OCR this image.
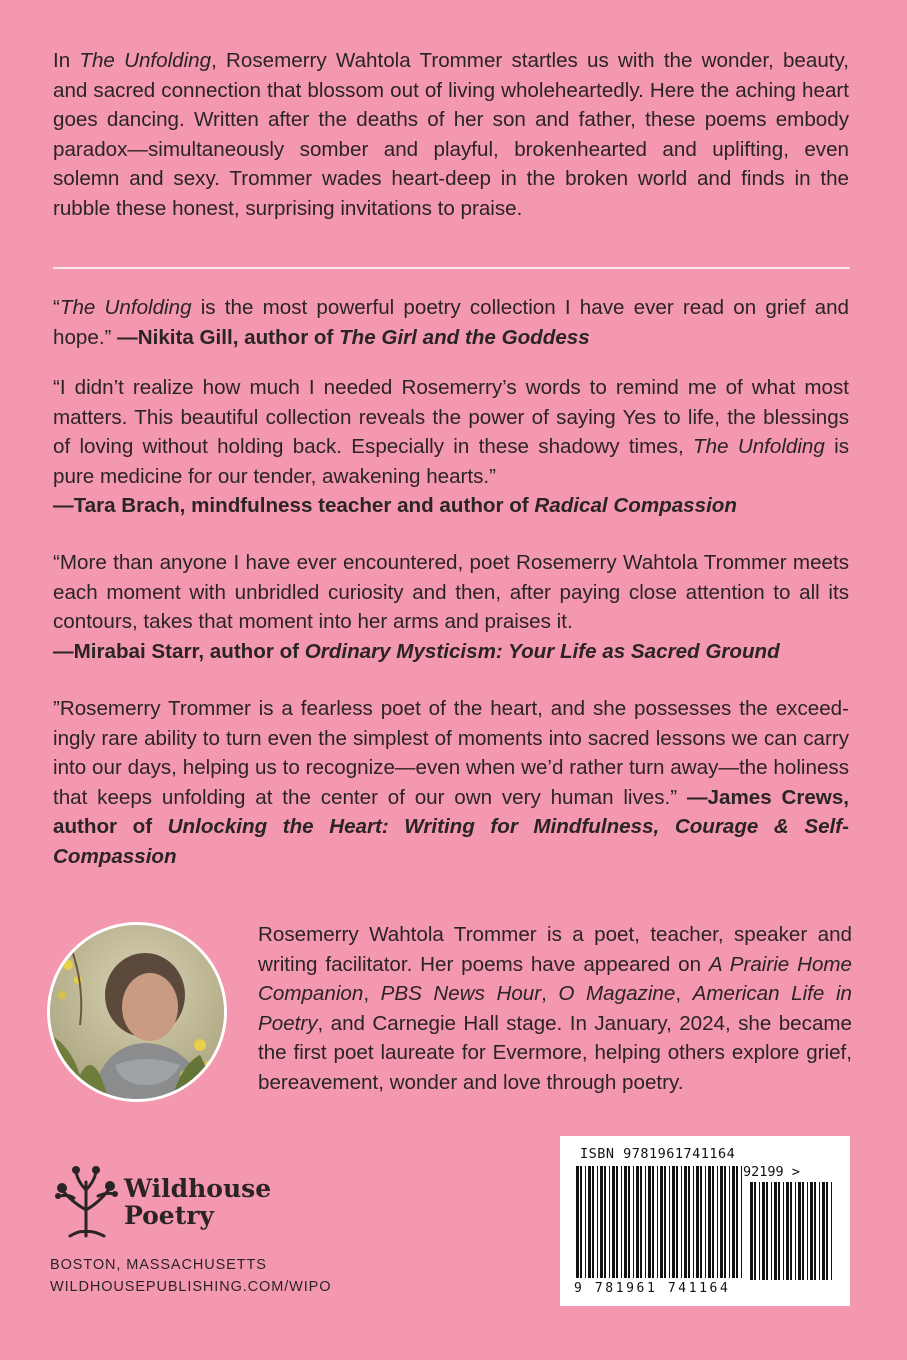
In The Unfolding, Rosemerry Wahtola Trommer startles us with the wonder, beauty, and sacred connection that blossom out of living wholeheartedly. Here the aching heart goes dancing. Written after the deaths of her son and father, these poems embody paradox—simultaneously somber and playful, brokenhearted and uplifting, even solemn and sexy. Trommer wades heart-deep in the broken world and finds in the rubble these honest, surprising invitations to praise.

“The Unfolding is the most powerful poetry collection I have ever read on grief and hope.” —Nikita Gill, author of The Girl and the Goddess

“I didn’t realize how much I needed Rosemerry’s words to remind me of what most matters. This beautiful collection reveals the power of saying Yes to life, the blessings of loving without holding back. Especially in these shadowy times, The Unfolding is pure medicine for our tender, awakening hearts.”
—Tara Brach, mindfulness teacher and author of Radical Compassion

“More than anyone I have ever encountered, poet Rosemerry Wahtola Trommer meets each moment with unbridled curiosity and then, after paying close attention to all its contours, takes that moment into her arms and praises it.
—Mirabai Starr, author of Ordinary Mysticism: Your Life as Sacred Ground

”Rosemerry Trommer is a fearless poet of the heart, and she possesses the exceedingly rare ability to turn even the simplest of moments into sacred lessons we can carry into our days, helping us to recognize—even when we’d rather turn away—the holiness that keeps unfolding at the center of our own very human lives.” —James Crews, author of Unlocking the Heart: Writing for Mindfulness, Courage & Self-Compassion

Rosemerry Wahtola Trommer is a poet, teacher, speaker and writing facilitator. Her poems have appeared on A Prairie Home Companion, PBS News Hour, O Magazine, American Life in Poetry, and Carnegie Hall stage. In January, 2024, she became the first poet laureate for Evermore, helping others explore grief, bereavement, wonder and love through poetry.

Wildhouse
Poetry
BOSTON, MASSACHUSETTS
WILDHOUSEPUBLISHING.COM/WIPO
ISBN 9781961741164
92199 >
9 781961 741164
